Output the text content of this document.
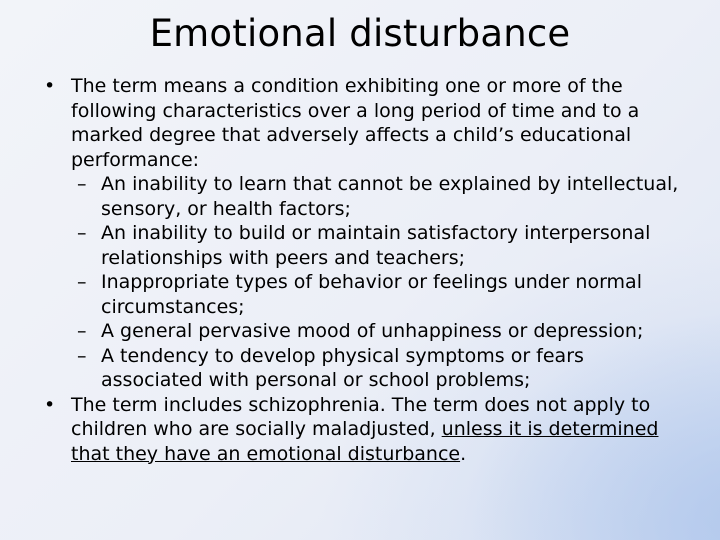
Emotional disturbance
• The term means a condition exhibiting one or more of the following characteristics over a long period of time and to a marked degree that adversely affects a child’s educational performance:
– An inability to learn that cannot be explained by intellectual, sensory, or health factors;
– An inability to build or maintain satisfactory interpersonal relationships with peers and teachers;
– Inappropriate types of behavior or feelings under normal circumstances;
– A general pervasive mood of unhappiness or depression;
– A tendency to develop physical symptoms or fears associated with personal or school problems;
• The term includes schizophrenia. The term does not apply to children who are socially maladjusted, unless it is determined that they have an emotional disturbance.
